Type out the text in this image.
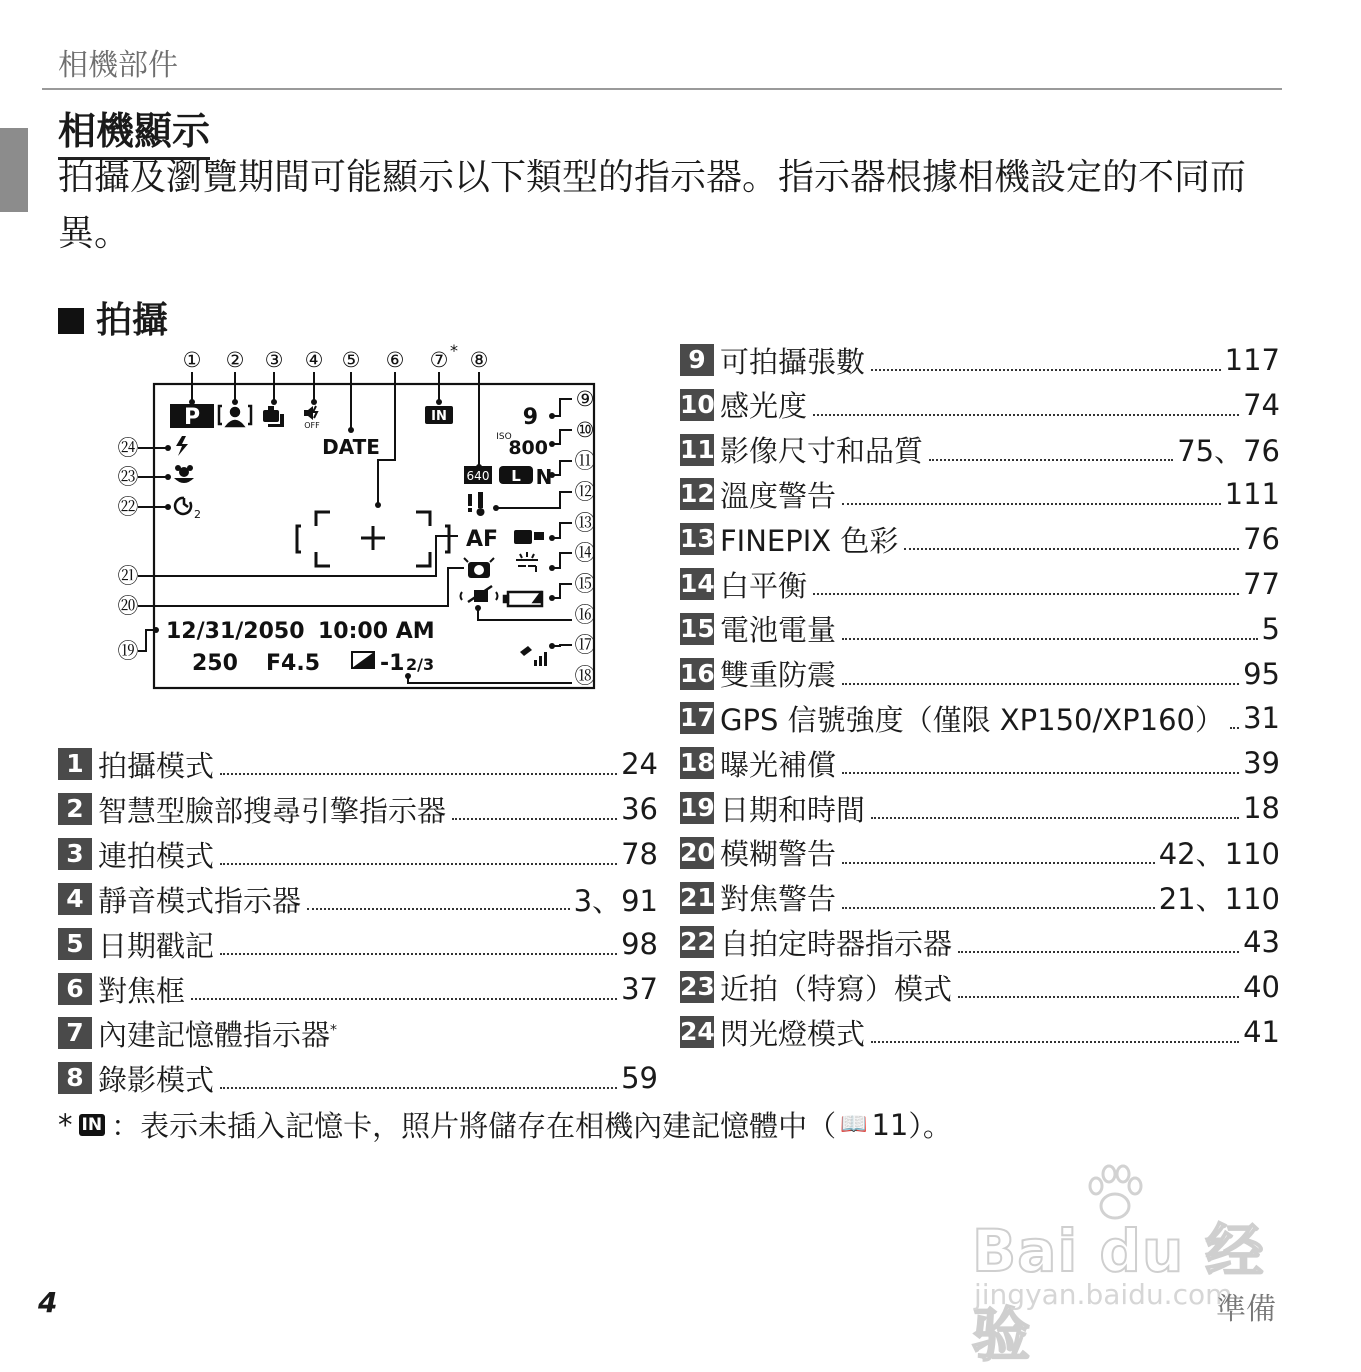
相機部件
相機顯示
拍攝及瀏覽期間可能顯示以下類型的指示器。指示器根據相機設定的不同而異。
拍攝
① ② ③ ④ ⑤ ⑥ ⑦ ⑧
*
⑨
⑩
⑪
⑫
⑬
⑭
⑮
⑯
⑰
⑱
㉔
㉓
㉒
㉑
⑳
⑲
P	OFF
DATE
IN	9
ISO
800
640 L N
AF
2
12/31/2050 10:00 AM
250 F4.5	-1 2/3
1 拍攝模式	24
2 智慧型臉部搜尋引擎指示器	36
3 連拍模式	78
4 靜音模式指示器	3、91
5 日期戳記	98
6 對焦框	37
7 內建記憶體指示器*
8 錄影模式	59
9 可拍攝張數	117
10 感光度	74
11 影像尺寸和品質	75、76
12 溫度警告	111
13 FINEPIX 色彩	76
14 白平衡	77
15 電池電量	5
16 雙重防震	95
17 GPS 信號強度（僅限 XP150/XP160） 31
18 曝光補償	39
19 日期和時間	18
20 模糊警告	42、110
21 對焦警告	21、110
22 自拍定時器指示器	43
23 近拍（特寫）模式	40
24 閃光燈模式	41
* IN ：表示未插入記憶卡，照片將儲存在相機內建記憶體中（ 📖 11 ）。
Bai du 经验
jingyan.baidu.com
4	準備
